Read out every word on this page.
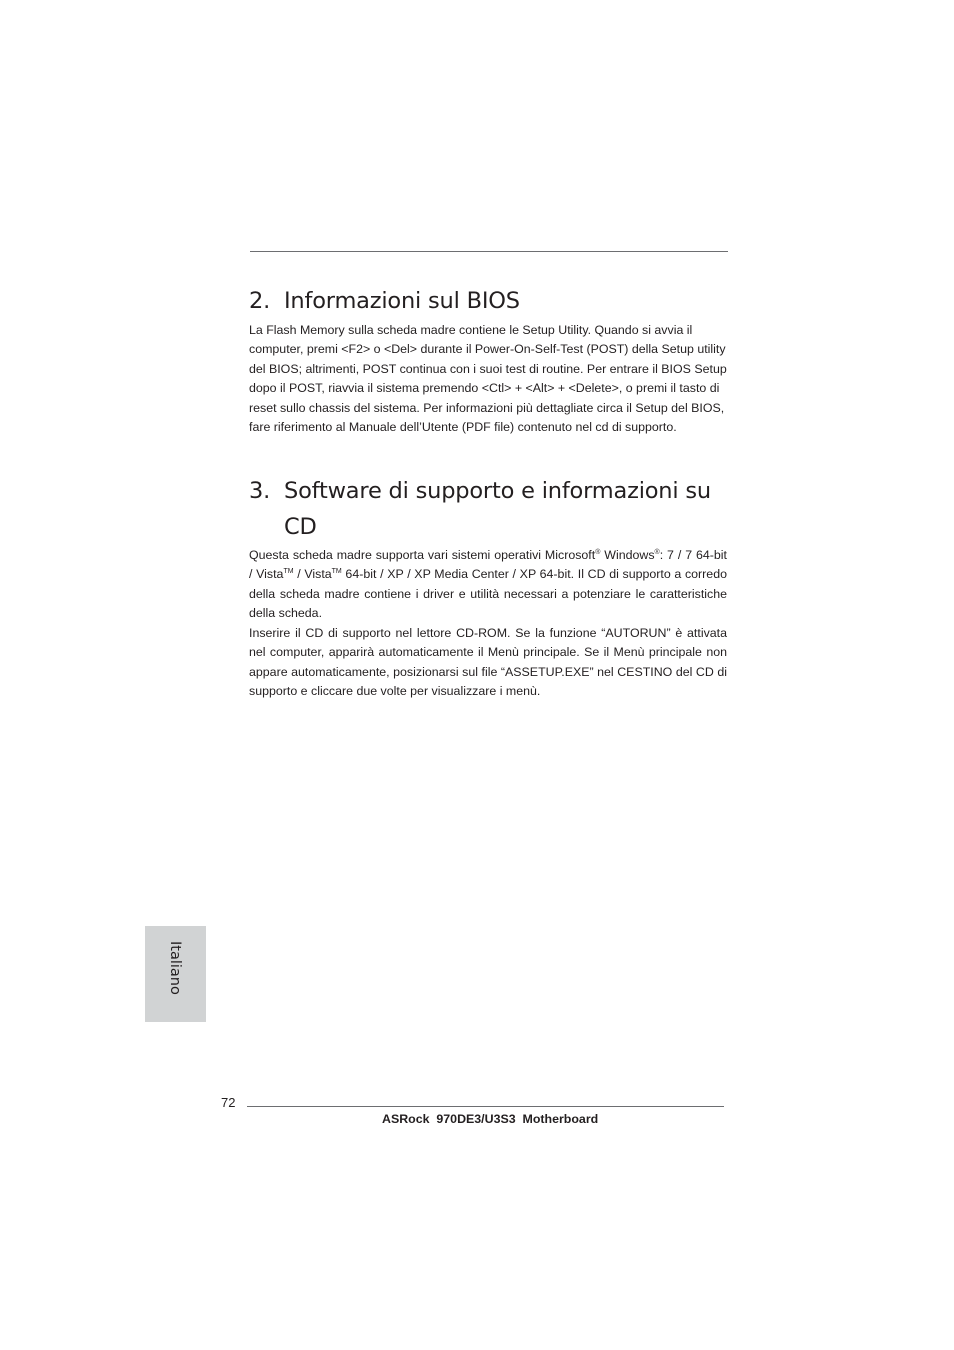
2. Informazioni sul BIOS

La Flash Memory sulla scheda madre contiene le Setup Utility. Quando si avvia il computer, premi <F2> o <Del> durante il Power-On-Self-Test (POST) della Setup utility del BIOS; altrimenti, POST continua con i suoi test di routine. Per entrare il BIOS Setup dopo il POST, riavvia il sistema premendo <Ctl> + <Alt> + <Delete>, o premi il tasto di reset sullo chassis del sistema. Per informazioni più dettagliate circa il Setup del BIOS, fare riferimento al Manuale dell’Utente (PDF file) contenuto nel cd di supporto.

3. Software di supporto e informazioni su CD

Questa scheda madre supporta vari sistemi operativi Microsoft® Windows®: 7 / 7 64-bit / Vista™ / Vista™ 64-bit / XP / XP Media Center / XP 64-bit. Il CD di supporto a corredo della scheda madre contiene i driver e utilità necessari a potenziare le caratteristiche della scheda.

Inserire il CD di supporto nel lettore CD-ROM. Se la funzione “AUTORUN” è attivata nel computer, apparirà automaticamente il Menù principale. Se il Menù principale non appare automaticamente, posizionarsi sul file “ASSETUP.EXE” nel CESTINO del CD di supporto e cliccare due volte per visualizzare i menù.

Italiano
72
ASRock  970DE3/U3S3  Motherboard
